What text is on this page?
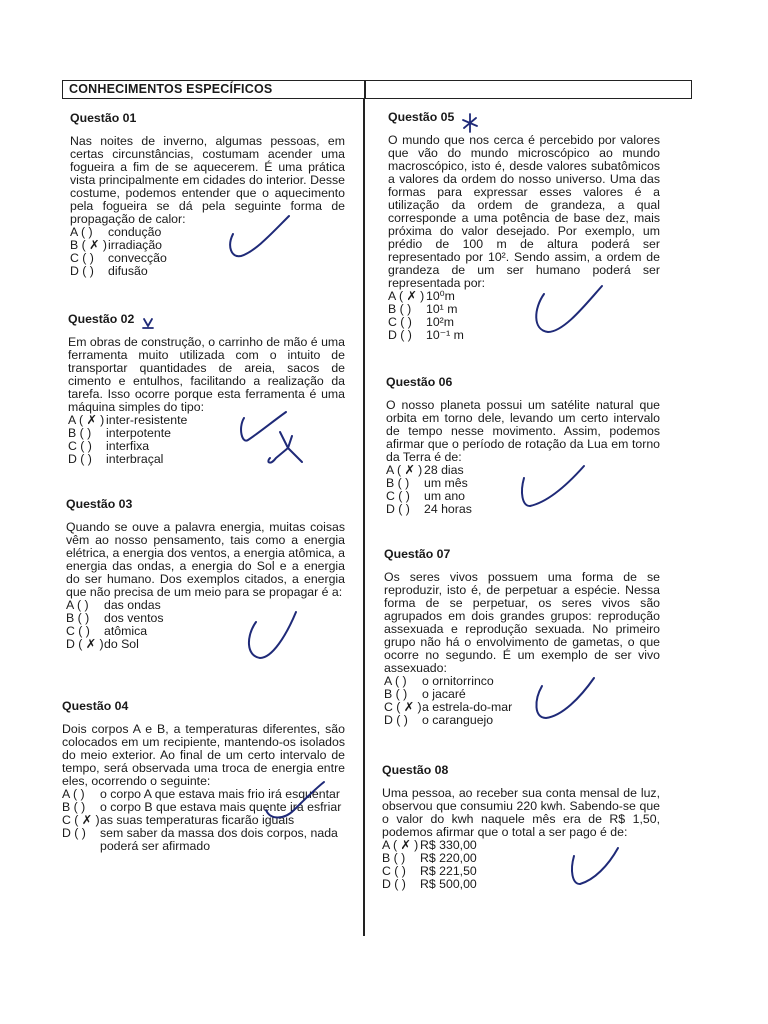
CONHECIMENTOS ESPECÍFICOS
Questão 01
Nas noites de inverno, algumas pessoas, em certas circunstâncias, costumam acender uma fogueira a fim de se aquecerem. É uma prática vista principalmente em cidades do interior. Desse costume, podemos entender que o aquecimento pela fogueira se dá pela seguinte forma de propagação de calor:
A ( )	condução
B ( ✗ ) irradiação
C ( )	convecção
D ( )	difusão
Questão 02
Em obras de construção, o carrinho de mão é uma ferramenta muito utilizada com o intuito de transportar quantidades de areia, sacos de cimento e entulhos, facilitando a realização da tarefa. Isso ocorre porque esta ferramenta é uma máquina simples do tipo:
A ( ✗ ) inter-resistente
B ( )	interpotente
C ( )	interfixa
D ( )	interbraçal
Questão 03
Quando se ouve a palavra energia, muitas coisas vêm ao nosso pensamento, tais como a energia elétrica, a energia dos ventos, a energia atômica, a energia das ondas, a energia do Sol e a energia do ser humano. Dos exemplos citados, a energia que não precisa de um meio para se propagar é a:
A ( )	das ondas
B ( )	dos ventos
C ( )	atômica
D ( ✗ ) do Sol
Questão 04
Dois corpos A e B, a temperaturas diferentes, são colocados em um recipiente, mantendo-os isolados do meio exterior. Ao final de um certo intervalo de tempo, será observada uma troca de energia entre eles, ocorrendo o seguinte:
A ( )	o corpo A que estava mais frio irá esquentar
B ( )	o corpo B que estava mais quente irá esfriar
C ( ✗ ) as suas temperaturas ficarão iguais
D ( )	sem saber da massa dos dois corpos, nada poderá ser afirmado
Questão 05
O mundo que nos cerca é percebido por valores que vão do mundo microscópico ao mundo macroscópico, isto é, desde valores subatômicos a valores da ordem do nosso universo. Uma das formas para expressar esses valores é a utilização da ordem de grandeza, a qual corresponde a uma potência de base dez, mais próxima do valor desejado. Por exemplo, um prédio de 100 m de altura poderá ser representado por 10². Sendo assim, a ordem de grandeza de um ser humano poderá ser representada por:
A ( ✗ ) 10⁰m
B ( )	10¹ m
C ( )	10²m
D ( )	10⁻¹ m
Questão 06
O nosso planeta possui um satélite natural que orbita em torno dele, levando um certo intervalo de tempo nesse movimento. Assim, podemos afirmar que o período de rotação da Lua em torno da Terra é de:
A ( ✗ ) 28 dias
B ( )	um mês
C ( )	um ano
D ( )	24 horas
Questão 07
Os seres vivos possuem uma forma de se reproduzir, isto é, de perpetuar a espécie. Nessa forma de se perpetuar, os seres vivos são agrupados em dois grandes grupos: reprodução assexuada e reprodução sexuada. No primeiro grupo não há o envolvimento de gametas, o que ocorre no segundo. É um exemplo de ser vivo assexuado:
A ( )	o ornitorrinco
B ( )	o jacaré
C ( ✗ ) a estrela-do-mar
D ( )	o caranguejo
Questão 08
Uma pessoa, ao receber sua conta mensal de luz, observou que consumiu 220 kwh. Sabendo-se que o valor do kwh naquele mês era de R$ 1,50, podemos afirmar que o total a ser pago é de:
A ( ✗ ) R$ 330,00
B ( )	R$ 220,00
C ( )	R$ 221,50
D ( )	R$ 500,00
